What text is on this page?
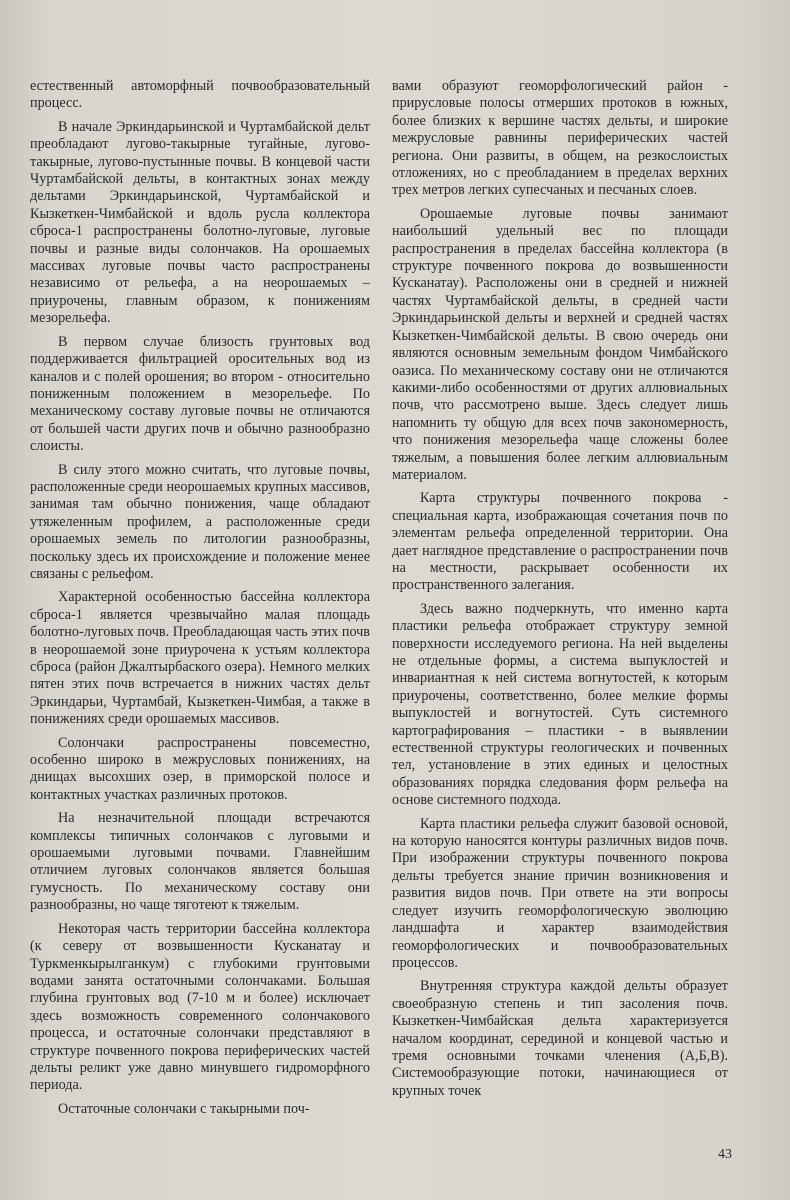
естественный автоморфный почвообразовательный процесс.

В начале Эркиндарьинской и Чуртамбайской дельт преобладают лугово-такырные тугайные, лугово-такырные, лугово-пустынные почвы. В концевой части Чуртамбайской дельты, в контактных зонах между дельтами Эркиндарьинской, Чуртамбайской и Кызкеткен-Чимбайской и вдоль русла коллектора сброса-1 распространены болотно-луговые, луговые почвы и разные виды солончаков. На орошаемых массивах луговые почвы часто распространены независимо от рельефа, а на неорошаемых – приурочены, главным образом, к понижениям мезорельефа.

В первом случае близость грунтовых вод поддерживается фильтрацией оросительных вод из каналов и с полей орошения; во втором - относительно пониженным положением в мезорельефе. По механическому составу луговые почвы не отличаются от большей части других почв и обычно разнообразно слоисты.

В силу этого можно считать, что луговые почвы, расположенные среди неорошаемых крупных массивов, занимая там обычно понижения, чаще обладают утяжеленным профилем, а расположенные среди орошаемых земель по литологии разнообразны, поскольку здесь их происхождение и положение менее связаны с рельефом.

Характерной особенностью бассейна коллектора сброса-1 является чрезвычайно малая площадь болотно-луговых почв. Преобладающая часть этих почв в неорошаемой зоне приурочена к устьям коллектора сброса (район Джалтырбаского озера). Немного мелких пятен этих почв встречается в нижних частях дельт Эркиндарьи, Чуртамбай, Кызкеткен-Чимбая, а также в понижениях среди орошаемых массивов.

Солончаки распространены повсеместно, особенно широко в межрусловых понижениях, на днищах высохших озер, в приморской полосе и контактных участках различных протоков.

На незначительной площади встречаются комплексы типичных солончаков с луговыми и орошаемыми луговыми почвами. Главнейшим отличием луговых солончаков является большая гумусность. По механическому составу они разнообразны, но чаще тяготеют к тяжелым.

Некоторая часть территории бассейна коллектора (к северу от возвышенности Кусканатау и Туркменкырылганкум) с глубокими грунтовыми водами занята остаточными солончаками. Большая глубина грунтовых вод (7-10 м и более) исключает здесь возможность современного солончакового процесса, и остаточные солончаки представляют в структуре почвенного покрова периферических частей дельты реликт уже давно минувшего гидроморфного периода.

Остаточные солончаки с такырными поч-

вами образуют геоморфологический район - прирусловые полосы отмерших протоков в южных, более близких к вершине частях дельты, и широкие межрусловые равнины периферических частей региона. Они развиты, в общем, на резкослоистых отложениях, но с преобладанием в пределах верхних трех метров легких супесчаных и песчаных слоев.

Орошаемые луговые почвы занимают наибольший удельный вес по площади распространения в пределах бассейна коллектора (в структуре почвенного покрова до возвышенности Кусканатау). Расположены они в средней и нижней частях Чуртамбайской дельты, в средней части Эркиндарьинской дельты и верхней и средней частях Кызкеткен-Чимбайской дельты. В свою очередь они являются основным земельным фондом Чимбайского оазиса. По механическому составу они не отличаются какими-либо особенностями от других аллювиальных почв, что рассмотрено выше. Здесь следует лишь напомнить ту общую для всех почв закономерность, что понижения мезорельефа чаще сложены более тяжелым, а повышения более легким аллювиальным материалом.

Карта структуры почвенного покрова - специальная карта, изображающая сочетания почв по элементам рельефа определенной территории. Она дает наглядное представление о распространении почв на местности, раскрывает особенности их пространственного залегания.

Здесь важно подчеркнуть, что именно карта пластики рельефа отображает структуру земной поверхности исследуемого региона. На ней выделены не отдельные формы, а система выпуклостей и инвариантная к ней система вогнутостей, к которым приурочены, соответственно, более мелкие формы выпуклостей и вогнутостей. Суть системного картографирования – пластики - в выявлении естественной структуры геологических и почвенных тел, установление в этих единых и целостных образованиях порядка следования форм рельефа на основе системного подхода.

Карта пластики рельефа служит базовой основой, на которую наносятся контуры различных видов почв. При изображении структуры почвенного покрова дельты требуется знание причин возникновения и развития видов почв. При ответе на эти вопросы следует изучить геоморфологическую эволюцию ландшафта и характер взаимодействия геоморфологических и почвообразовательных процессов.

Внутренняя структура каждой дельты образует своеобразную степень и тип засоления почв. Кызкеткен-Чимбайская дельта характеризуется началом координат, серединой и концевой частью и тремя основными точками членения (А,Б,В). Системообразующие потоки, начинающиеся от крупных точек

43
